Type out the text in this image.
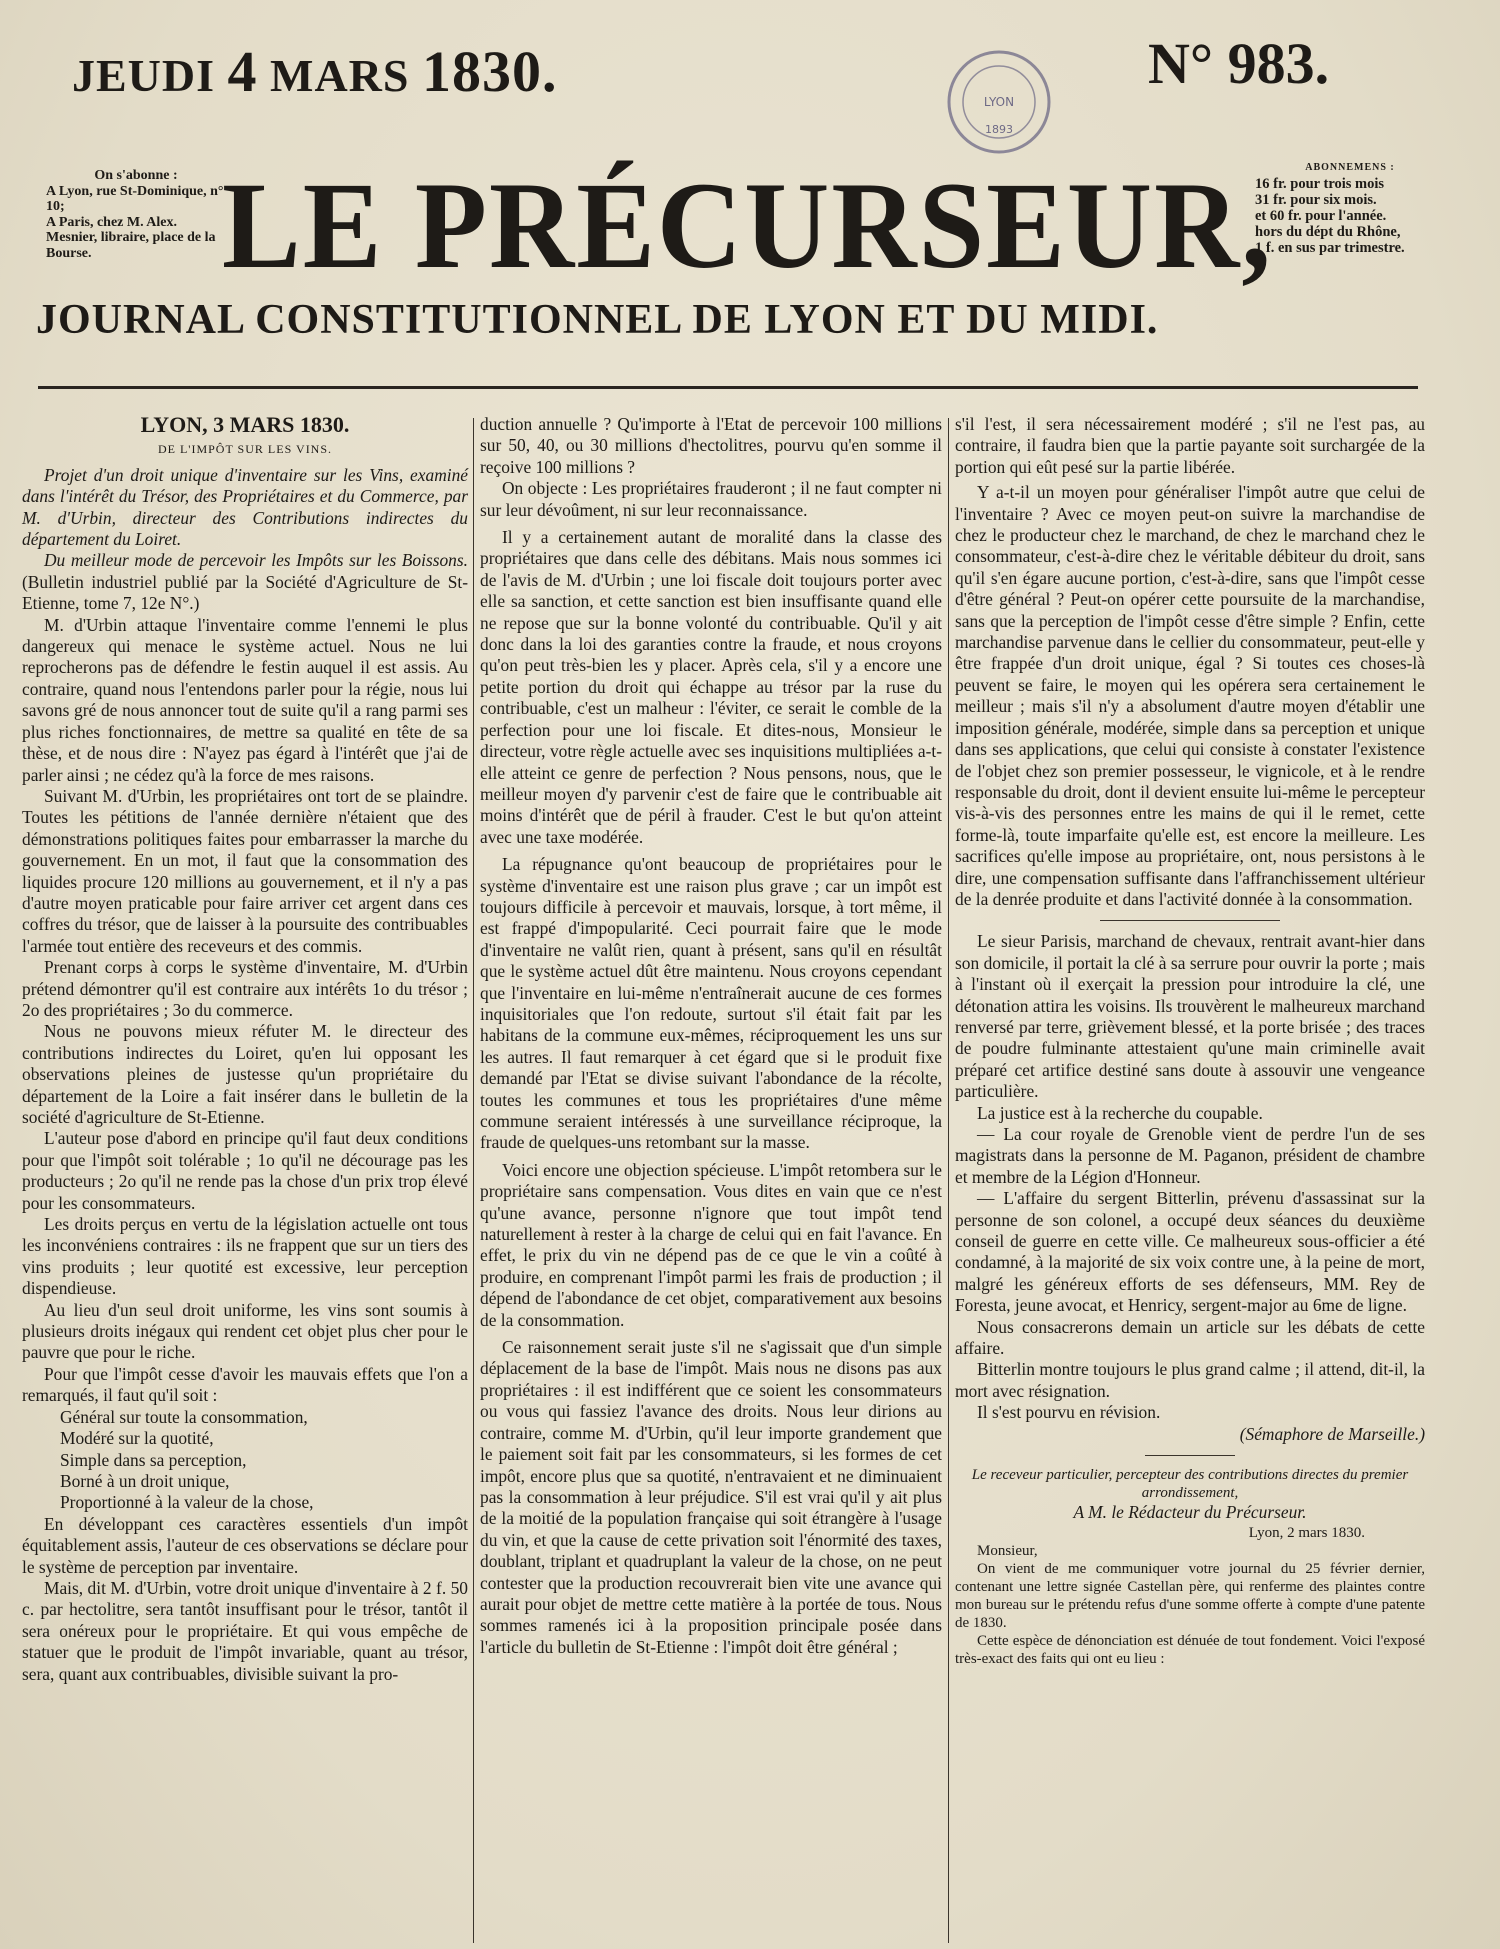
JEUDI 4 MARS 1830.	N° 983.
LYON
1893
On s'abonne :
A Lyon, rue St-Dominique, n° 10;
A Paris, chez M. Alex. Mesnier, libraire, place de la Bourse.	LE PRÉCURSEUR,	ABONNEMENS :
16 fr. pour trois mois
31 fr. pour six mois.
et 60 fr. pour l'année.
hors du dépt du Rhône,
1 f. en sus par trimestre.
JOURNAL CONSTITUTIONNEL DE LYON ET DU MIDI.

LYON, 3 MARS 1830.

DE L'IMPÔT SUR LES VINS.

Projet d'un droit unique d'inventaire sur les Vins, examiné dans l'intérêt du Trésor, des Propriétaires et du Commerce, par M. d'Urbin, directeur des Contributions indirectes du département du Loiret.

Du meilleur mode de percevoir les Impôts sur les Boissons. (Bulletin industriel publié par la Société d'Agriculture de St-Etienne, tome 7, 12e N°.)

M. d'Urbin attaque l'inventaire comme l'ennemi le plus dangereux qui menace le système actuel. Nous ne lui reprocherons pas de défendre le festin auquel il est assis. Au contraire, quand nous l'entendons parler pour la régie, nous lui savons gré de nous annoncer tout de suite qu'il a rang parmi ses plus riches fonctionnaires, de mettre sa qualité en tête de sa thèse, et de nous dire : N'ayez pas égard à l'intérêt que j'ai de parler ainsi ; ne cédez qu'à la force de mes raisons.

Suivant M. d'Urbin, les propriétaires ont tort de se plaindre. Toutes les pétitions de l'année dernière n'étaient que des démonstrations politiques faites pour embarrasser la marche du gouvernement. En un mot, il faut que la consommation des liquides procure 120 millions au gouvernement, et il n'y a pas d'autre moyen praticable pour faire arriver cet argent dans ces coffres du trésor, que de laisser à la poursuite des contribuables l'armée tout entière des receveurs et des commis.

Prenant corps à corps le système d'inventaire, M. d'Urbin prétend démontrer qu'il est contraire aux intérêts 1o du trésor ; 2o des propriétaires ; 3o du commerce.

Nous ne pouvons mieux réfuter M. le directeur des contributions indirectes du Loiret, qu'en lui opposant les observations pleines de justesse qu'un propriétaire du département de la Loire a fait insérer dans le bulletin de la société d'agriculture de St-Etienne.

L'auteur pose d'abord en principe qu'il faut deux conditions pour que l'impôt soit tolérable ; 1o qu'il ne décourage pas les producteurs ; 2o qu'il ne rende pas la chose d'un prix trop élevé pour les consommateurs.

Les droits perçus en vertu de la législation actuelle ont tous les inconvéniens contraires : ils ne frappent que sur un tiers des vins produits ; leur quotité est excessive, leur perception dispendieuse.

Au lieu d'un seul droit uniforme, les vins sont soumis à plusieurs droits inégaux qui rendent cet objet plus cher pour le pauvre que pour le riche.

Pour que l'impôt cesse d'avoir les mauvais effets que l'on a remarqués, il faut qu'il soit :

Général sur toute la consommation,

Modéré sur la quotité,

Simple dans sa perception,

Borné à un droit unique,

Proportionné à la valeur de la chose,

En développant ces caractères essentiels d'un impôt équitablement assis, l'auteur de ces observations se déclare pour le système de perception par inventaire.

Mais, dit M. d'Urbin, votre droit unique d'inventaire à 2 f. 50 c. par hectolitre, sera tantôt insuffisant pour le trésor, tantôt il sera onéreux pour le propriétaire. Et qui vous empêche de statuer que le produit de l'impôt invariable, quant au trésor, sera, quant aux contribuables, divisible suivant la pro-

duction annuelle ? Qu'importe à l'Etat de percevoir 100 millions sur 50, 40, ou 30 millions d'hectolitres, pourvu qu'en somme il reçoive 100 millions ?

On objecte : Les propriétaires frauderont ; il ne faut compter ni sur leur dévoûment, ni sur leur reconnaissance.

Il y a certainement autant de moralité dans la classe des propriétaires que dans celle des débitans. Mais nous sommes ici de l'avis de M. d'Urbin ; une loi fiscale doit toujours porter avec elle sa sanction, et cette sanction est bien insuffisante quand elle ne repose que sur la bonne volonté du contribuable. Qu'il y ait donc dans la loi des garanties contre la fraude, et nous croyons qu'on peut très-bien les y placer. Après cela, s'il y a encore une petite portion du droit qui échappe au trésor par la ruse du contribuable, c'est un malheur : l'éviter, ce serait le comble de la perfection pour une loi fiscale. Et dites-nous, Monsieur le directeur, votre règle actuelle avec ses inquisitions multipliées a-t-elle atteint ce genre de perfection ? Nous pensons, nous, que le meilleur moyen d'y parvenir c'est de faire que le contribuable ait moins d'intérêt que de péril à frauder. C'est le but qu'on atteint avec une taxe modérée.

La répugnance qu'ont beaucoup de propriétaires pour le système d'inventaire est une raison plus grave ; car un impôt est toujours difficile à percevoir et mauvais, lorsque, à tort même, il est frappé d'impopularité. Ceci pourrait faire que le mode d'inventaire ne valût rien, quant à présent, sans qu'il en résultât que le système actuel dût être maintenu. Nous croyons cependant que l'inventaire en lui-même n'entraînerait aucune de ces formes inquisitoriales que l'on redoute, surtout s'il était fait par les habitans de la commune eux-mêmes, réciproquement les uns sur les autres. Il faut remarquer à cet égard que si le produit fixe demandé par l'Etat se divise suivant l'abondance de la récolte, toutes les communes et tous les propriétaires d'une même commune seraient intéressés à une surveillance réciproque, la fraude de quelques-uns retombant sur la masse.

Voici encore une objection spécieuse. L'impôt retombera sur le propriétaire sans compensation. Vous dites en vain que ce n'est qu'une avance, personne n'ignore que tout impôt tend naturellement à rester à la charge de celui qui en fait l'avance. En effet, le prix du vin ne dépend pas de ce que le vin a coûté à produire, en comprenant l'impôt parmi les frais de production ; il dépend de l'abondance de cet objet, comparativement aux besoins de la consommation.

Ce raisonnement serait juste s'il ne s'agissait que d'un simple déplacement de la base de l'impôt. Mais nous ne disons pas aux propriétaires : il est indifférent que ce soient les consommateurs ou vous qui fassiez l'avance des droits. Nous leur dirions au contraire, comme M. d'Urbin, qu'il leur importe grandement que le paiement soit fait par les consommateurs, si les formes de cet impôt, encore plus que sa quotité, n'entravaient et ne diminuaient pas la consommation à leur préjudice. S'il est vrai qu'il y ait plus de la moitié de la population française qui soit étrangère à l'usage du vin, et que la cause de cette privation soit l'énormité des taxes, doublant, triplant et quadruplant la valeur de la chose, on ne peut contester que la production recouvrerait bien vite une avance qui aurait pour objet de mettre cette matière à la portée de tous. Nous sommes ramenés ici à la proposition principale posée dans l'article du bulletin de St-Etienne : l'impôt doit être général ;

s'il l'est, il sera nécessairement modéré ; s'il ne l'est pas, au contraire, il faudra bien que la partie payante soit surchargée de la portion qui eût pesé sur la partie libérée.

Y a-t-il un moyen pour généraliser l'impôt autre que celui de l'inventaire ? Avec ce moyen peut-on suivre la marchandise de chez le producteur chez le marchand, de chez le marchand chez le consommateur, c'est-à-dire chez le véritable débiteur du droit, sans qu'il s'en égare aucune portion, c'est-à-dire, sans que l'impôt cesse d'être général ? Peut-on opérer cette poursuite de la marchandise, sans que la perception de l'impôt cesse d'être simple ? Enfin, cette marchandise parvenue dans le cellier du consommateur, peut-elle y être frappée d'un droit unique, égal ? Si toutes ces choses-là peuvent se faire, le moyen qui les opérera sera certainement le meilleur ; mais s'il n'y a absolument d'autre moyen d'établir une imposition générale, modérée, simple dans sa perception et unique dans ses applications, que celui qui consiste à constater l'existence de l'objet chez son premier possesseur, le vignicole, et à le rendre responsable du droit, dont il devient ensuite lui-même le percepteur vis-à-vis des personnes entre les mains de qui il le remet, cette forme-là, toute imparfaite qu'elle est, est encore la meilleure. Les sacrifices qu'elle impose au propriétaire, ont, nous persistons à le dire, une compensation suffisante dans l'affranchissement ultérieur de la denrée produite et dans l'activité donnée à la consommation.

Le sieur Parisis, marchand de chevaux, rentrait avant-hier dans son domicile, il portait la clé à sa serrure pour ouvrir la porte ; mais à l'instant où il exerçait la pression pour introduire la clé, une détonation attira les voisins. Ils trouvèrent le malheureux marchand renversé par terre, grièvement blessé, et la porte brisée ; des traces de poudre fulminante attestaient qu'une main criminelle avait préparé cet artifice destiné sans doute à assouvir une vengeance particulière.

La justice est à la recherche du coupable.

— La cour royale de Grenoble vient de perdre l'un de ses magistrats dans la personne de M. Paganon, président de chambre et membre de la Légion d'Honneur.

— L'affaire du sergent Bitterlin, prévenu d'assassinat sur la personne de son colonel, a occupé deux séances du deuxième conseil de guerre en cette ville. Ce malheureux sous-officier a été condamné, à la majorité de six voix contre une, à la peine de mort, malgré les généreux efforts de ses défenseurs, MM. Rey de Foresta, jeune avocat, et Henricy, sergent-major au 6me de ligne.

Nous consacrerons demain un article sur les débats de cette affaire.

Bitterlin montre toujours le plus grand calme ; il attend, dit-il, la mort avec résignation.

Il s'est pourvu en révision.

(Sémaphore de Marseille.)

Le receveur particulier, percepteur des contributions directes du premier arrondissement,

A M. le Rédacteur du Précurseur.

Lyon, 2 mars 1830.

Monsieur,

On vient de me communiquer votre journal du 25 février dernier, contenant une lettre signée Castellan père, qui renferme des plaintes contre mon bureau sur le prétendu refus d'une somme offerte à compte d'une patente de 1830.

Cette espèce de dénonciation est dénuée de tout fondement. Voici l'exposé très-exact des faits qui ont eu lieu :
